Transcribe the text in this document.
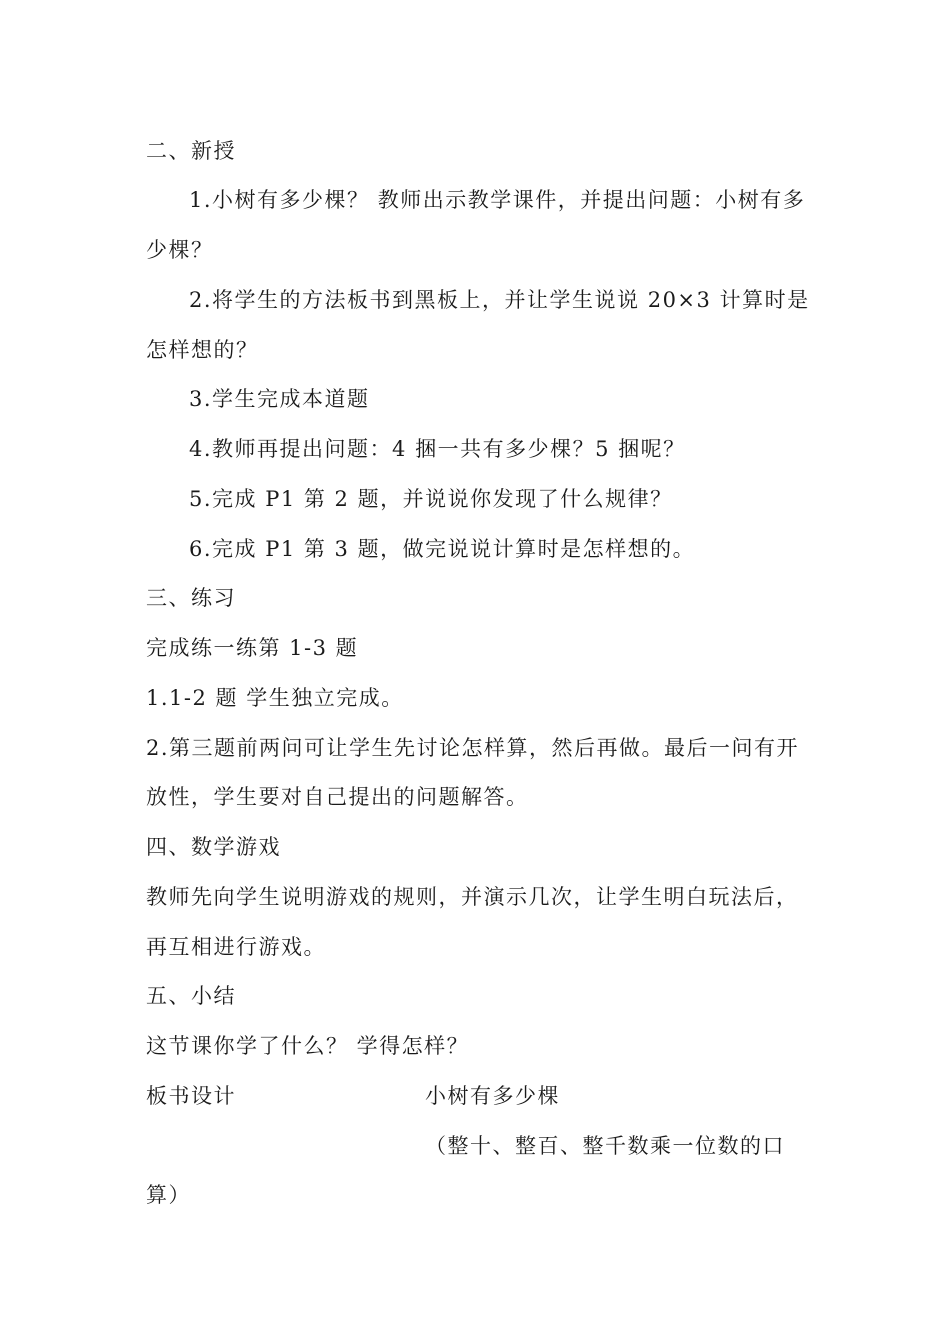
二、新授
1.小树有多少棵？ 教师出示教学课件，并提出问题：小树有多
少棵？
2.将学生的方法板书到黑板上，并让学生说说 20×3 计算时是
怎样想的？
3.学生完成本道题
4.教师再提出问题：4 捆一共有多少棵？5 捆呢？
5.完成 P1 第 2 题，并说说你发现了什么规律？
6.完成 P1 第 3 题，做完说说计算时是怎样想的。
三、练习
完成练一练第 1-3 题
1.1-2 题 学生独立完成。
2.第三题前两问可让学生先讨论怎样算，然后再做。最后一问有开
放性，学生要对自己提出的问题解答。
四、数学游戏
教师先向学生说明游戏的规则，并演示几次，让学生明白玩法后，
再互相进行游戏。
五、小结
这节课你学了什么？ 学得怎样？
板书设计	小树有多少棵
（整十、整百、整千数乘一位数的口
算）
